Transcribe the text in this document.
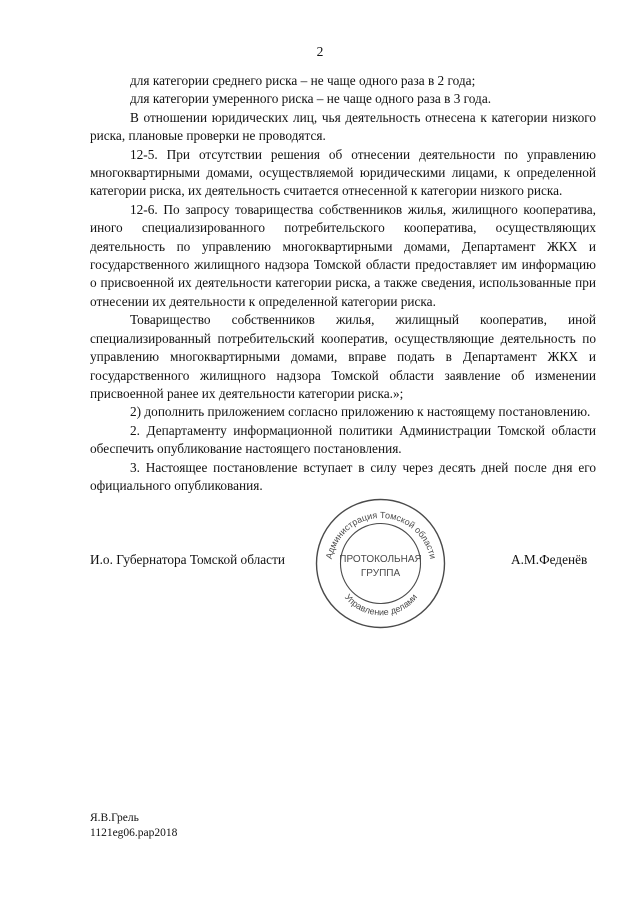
2

для категории среднего риска – не чаще одного раза в 2 года;

для категории умеренного риска – не чаще одного раза в 3 года.

В отношении юридических лиц, чья деятельность отнесена к категории низкого риска, плановые проверки не проводятся.

12-5. При отсутствии решения об отнесении деятельности по управлению многоквартирными домами, осуществляемой юридическими лицами, к определенной категории риска, их деятельность считается отнесенной к категории низкого риска.

12-6. По запросу товарищества собственников жилья, жилищного кооператива, иного специализированного потребительского кооператива, осуществляющих деятельность по управлению многоквартирными домами, Департамент ЖКХ и государственного жилищного надзора Томской области предоставляет им информацию о присвоенной их деятельности категории риска, а также сведения, использованные при отнесении их деятельности к определенной категории риска.

Товарищество собственников жилья, жилищный кооператив, иной специализированный потребительский кооператив, осуществляющие деятельность по управлению многоквартирными домами, вправе подать в Департамент ЖКХ и государственного жилищного надзора Томской области заявление об изменении присвоенной ранее их деятельности категории риска.»;

2) дополнить приложением согласно приложению к настоящему постановлению.

2. Департаменту информационной политики Администрации Томской области обеспечить опубликование настоящего постановления.

3. Настоящее постановление вступает в силу через десять дней после дня его официального опубликования.

И.о. Губернатора Томской области	А.М.Феденёв
Администрация Томской области
Управление делами
ПРОТОКОЛЬНАЯ
ГРУППА
Я.В.Грель
1121eg06.pap2018
